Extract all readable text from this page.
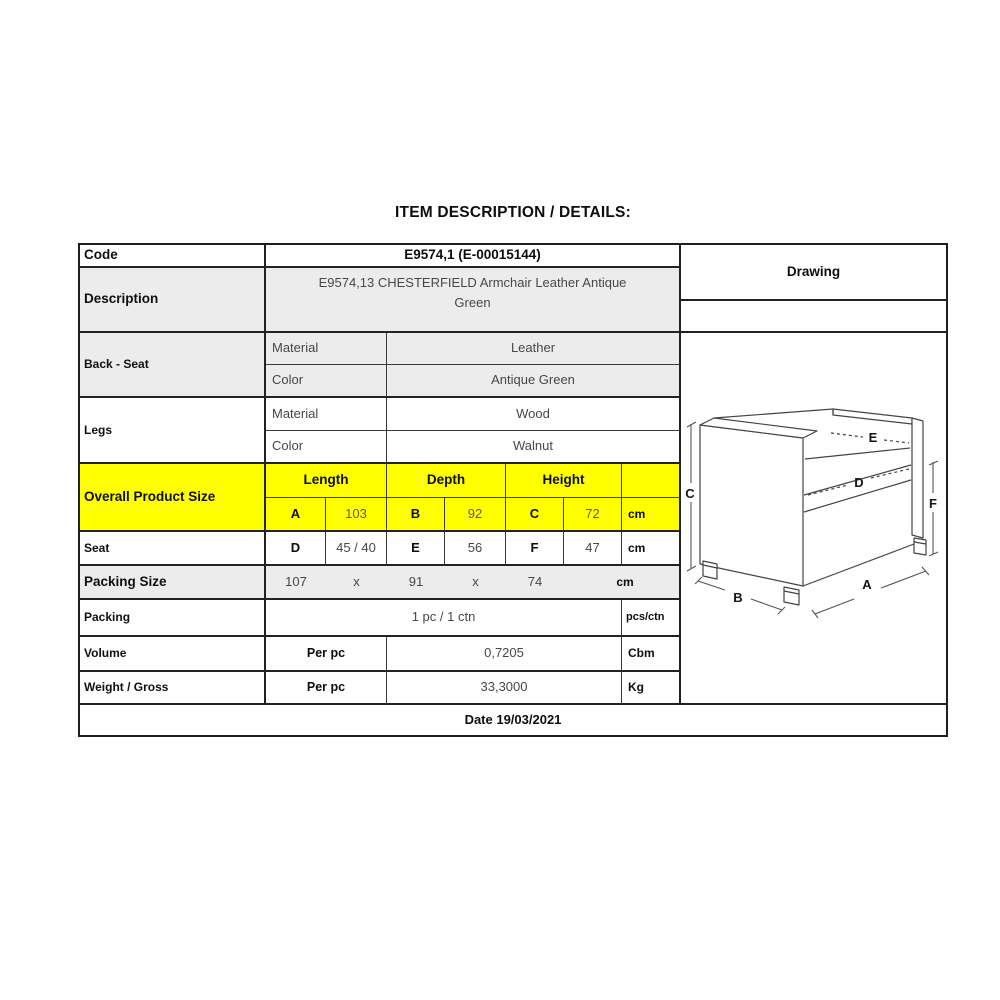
ITEM DESCRIPTION / DETAILS:
Code	E9574,1 (E-00015144)
Drawing
Description
E9574,13 CHESTERFIELD Armchair Leather Antique Green
Back - Seat
Material	Leather
Color	Antique Green
Legs
Material	Wood
Color	Walnut
Overall Product Size
Length	Depth	Height
A	103	B	92	C	72	cm
Seat	D	45 / 40	E	56	F	47	cm
Packing Size	107	x	91	x	74	cm
Packing	1 pc / 1 ctn	pcs/ctn
Volume	Per pc	0,7205	Cbm
Weight / Gross	Per pc	33,3000	Kg
Date 19/03/2021
C
E
D
F
B
A
